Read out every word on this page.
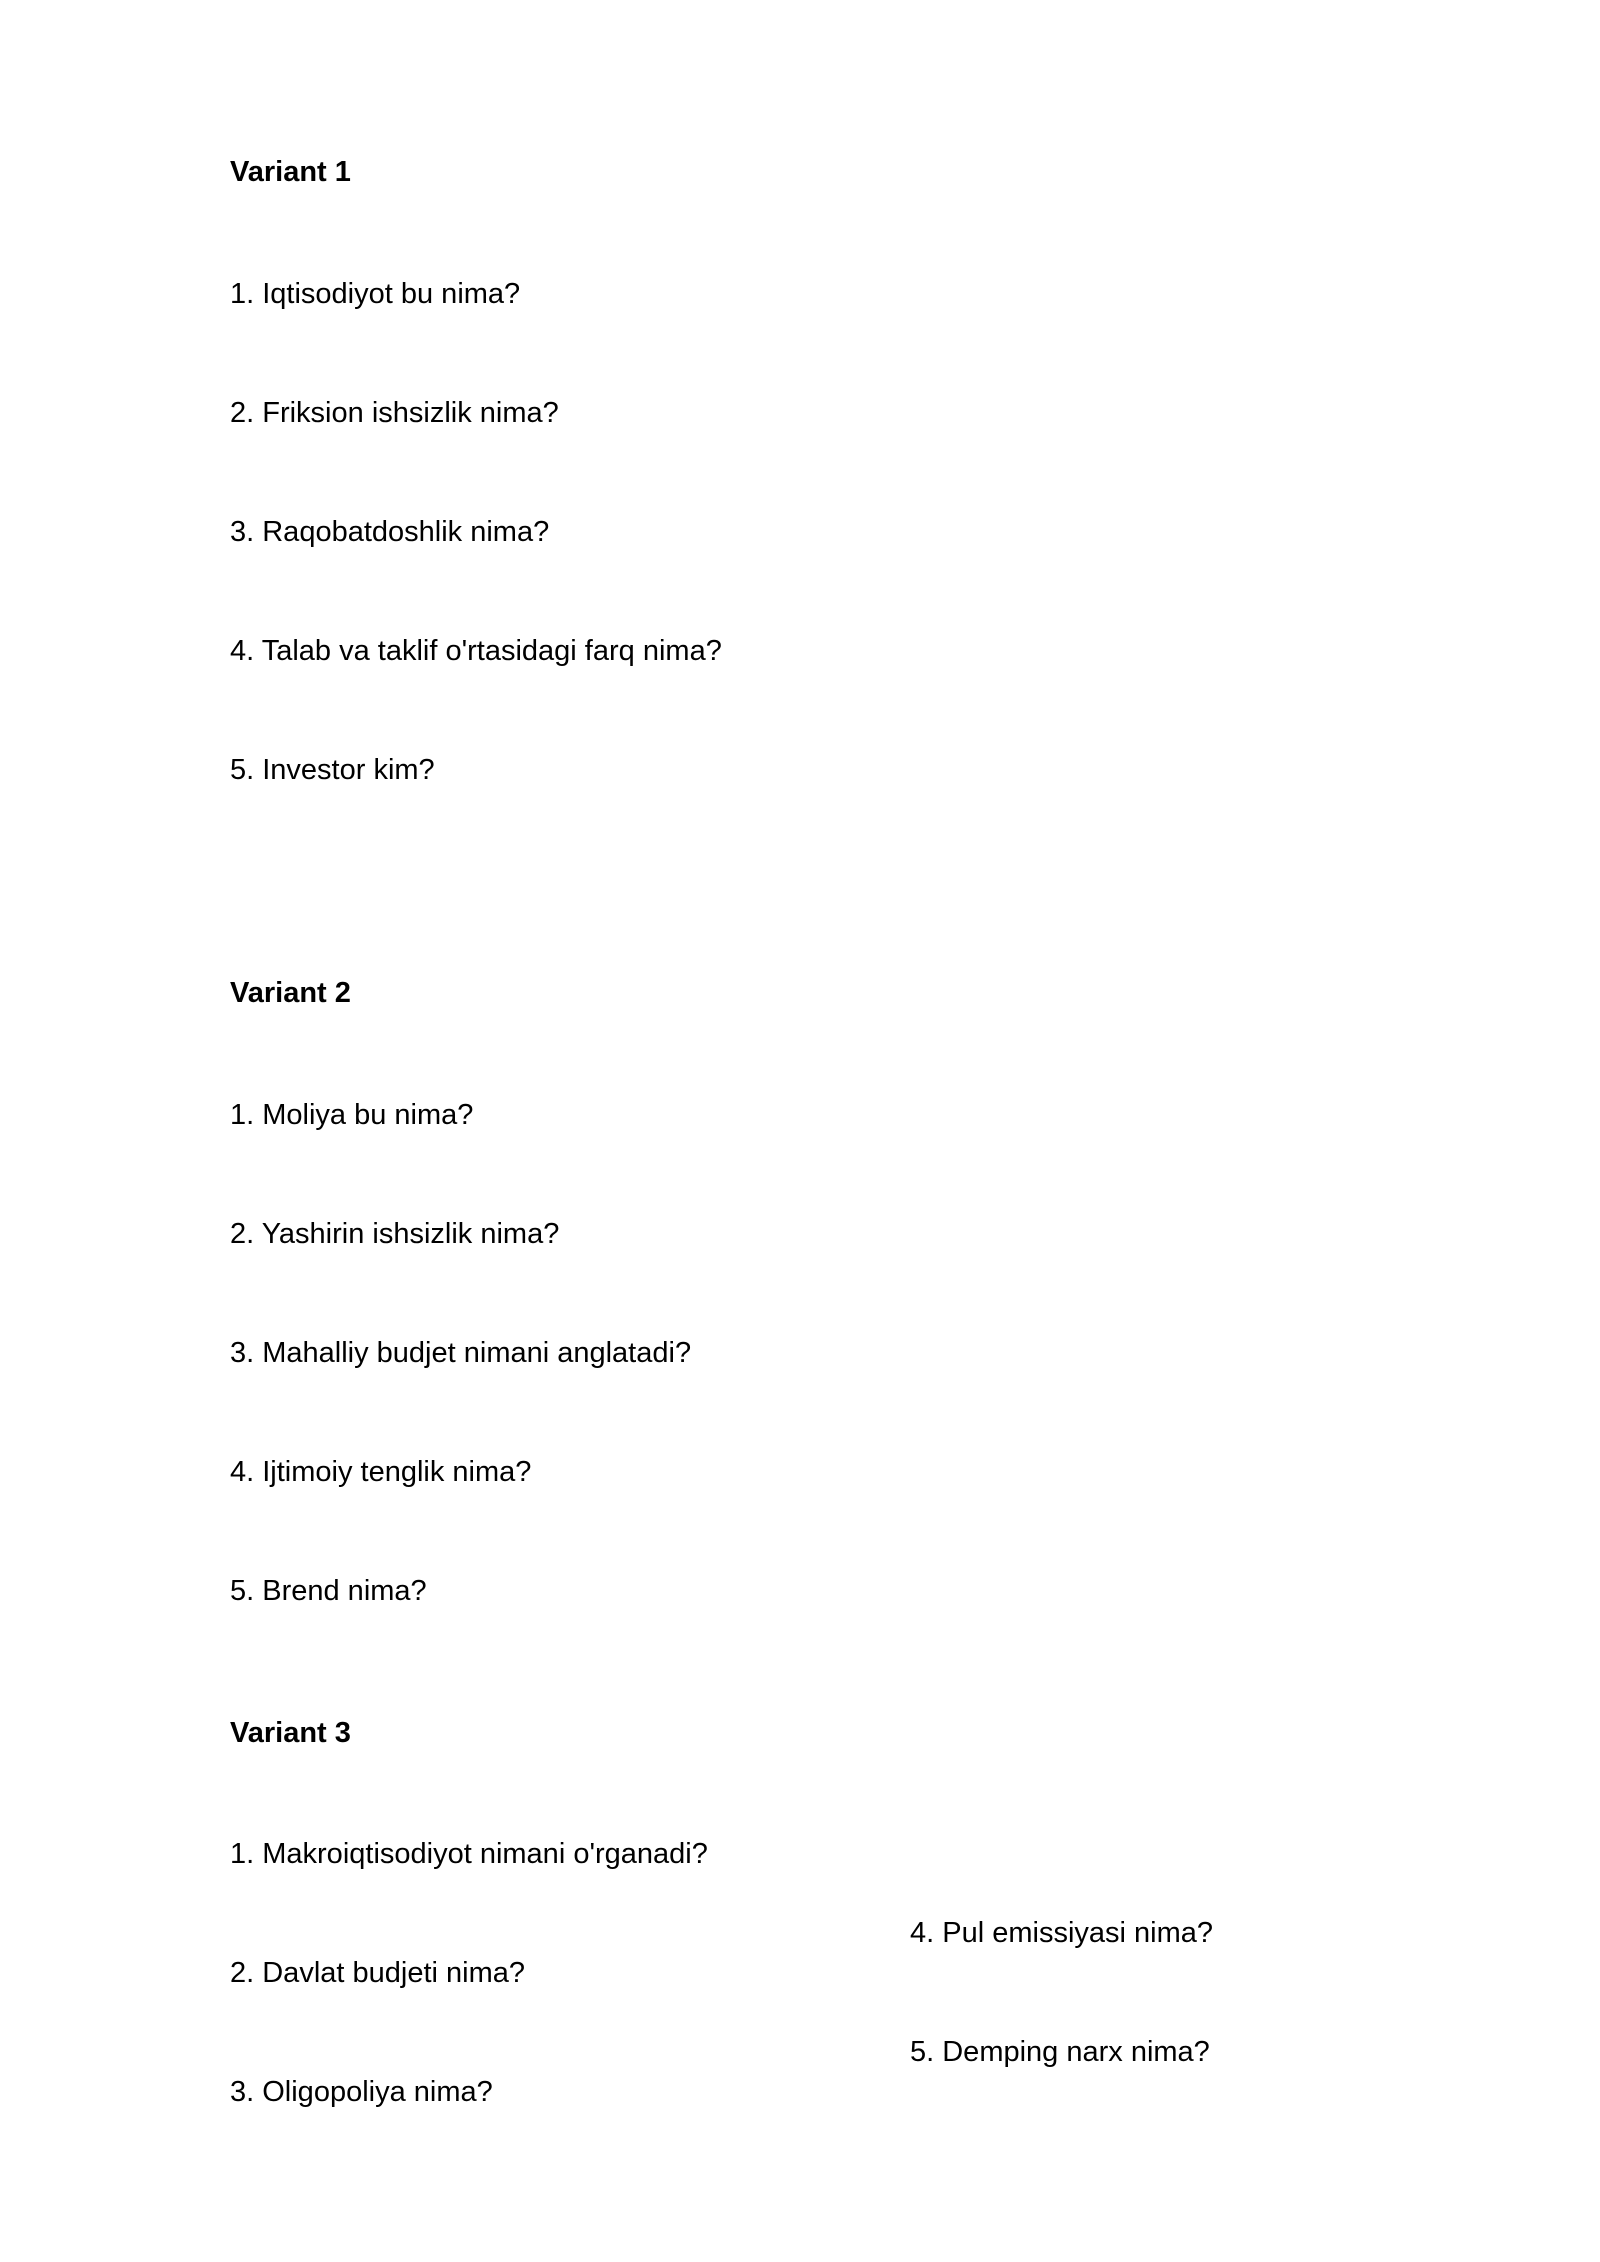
Variant 1
1. Iqtisodiyot bu nima?
2. Friksion ishsizlik nima?
3. Raqobatdoshlik nima?
4. Talab va taklif o'rtasidagi farq nima?
5. Investor kim?
Variant 2
1. Moliya bu nima?
2. Yashirin ishsizlik nima?
3. Mahalliy budjet nimani anglatadi?
4. Ijtimoiy tenglik nima?
5. Brend nima?
Variant 3
1. Makroiqtisodiyot nimani o'rganadi?
2. Davlat budjeti nima?
3. Oligopoliya nima?
4. Pul emissiyasi nima?
5. Demping narx nima?
